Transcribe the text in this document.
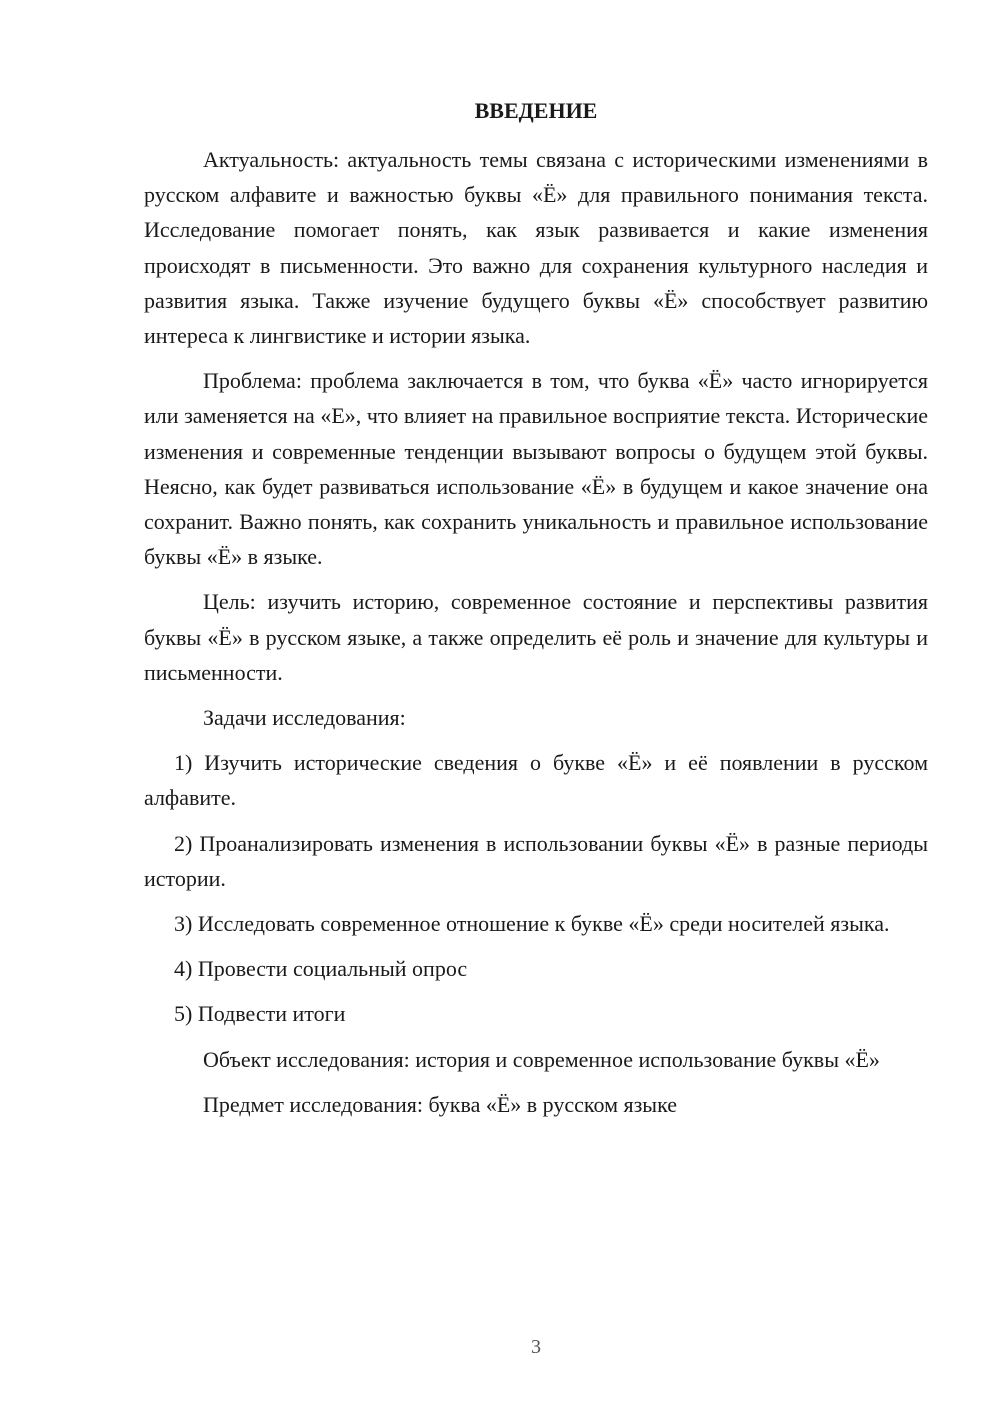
ВВЕДЕНИЕ

Актуальность: актуальность темы связана с историческими изменениями в русском алфавите и важностью буквы «Ё» для правильного понимания текста. Исследование помогает понять, как язык развивается и какие изменения происходят в письменности. Это важно для сохранения культурного наследия и развития языка. Также изучение будущего буквы «Ё» способствует развитию интереса к лингвистике и истории языка.

Проблема: проблема заключается в том, что буква «Ё» часто игнорируется или заменяется на «Е», что влияет на правильное восприятие текста. Исторические изменения и современные тенденции вызывают вопросы о будущем этой буквы. Неясно, как будет развиваться использование «Ё» в будущем и какое значение она сохранит. Важно понять, как сохранить уникальность и правильное использование буквы «Ё» в языке.

Цель: изучить историю, современное состояние и перспективы развития буквы «Ё» в русском языке, а также определить её роль и значение для культуры и письменности.

Задачи исследования:

1) Изучить исторические сведения о букве «Ё» и её появлении в русском алфавите.

2) Проанализировать изменения в использовании буквы «Ё» в разные периоды истории.

3) Исследовать современное отношение к букве «Ё» среди носителей языка.

4) Провести социальный опрос

5) Подвести итоги

Объект исследования: история и современное использование буквы «Ё»

Предмет исследования: буква «Ё» в русском языке

3
